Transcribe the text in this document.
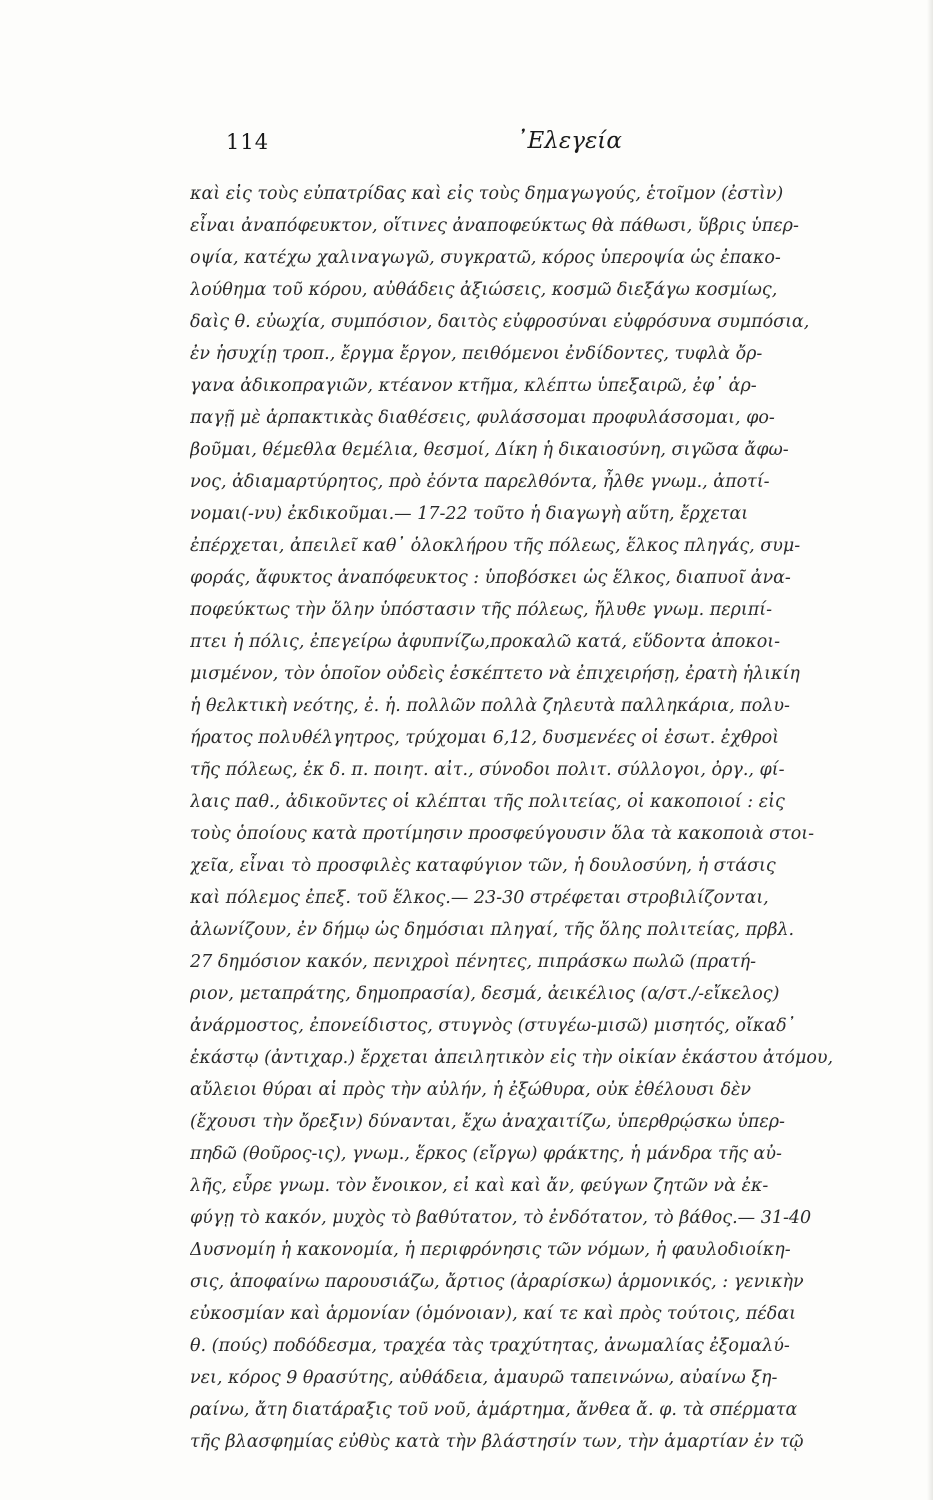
114	᾿Ελεγεία
καὶ εἰς τοὺς εὐπατρίδας καὶ εἰς τοὺς δημαγωγούς, ἑτοῖμον (ἐστὶν)
εἶναι ἀναπόφευκτον, οἵτινες ἀναποφεύκτως θὰ πάθωσι, ὕβρις ὑπερ-
οψία, κατέχω χαλιναγωγῶ, συγκρατῶ, κόρος ὑπεροψία ὡς ἐπακο-
λούθημα τοῦ κόρου, αὐθάδεις ἀξιώσεις, κοσμῶ διεξάγω κοσμίως,
δαὶς θ. εὐωχία, συμπόσιον, δαιτὸς εὐφροσύναι εὐφρόσυνα συμπόσια,
ἐν ἡσυχίῃ τροπ., ἔργμα ἔργον, πειθόμενοι ἐνδίδοντες, τυφλὰ ὄρ-
γανα ἀδικοπραγιῶν, κτέανον κτῆμα, κλέπτω ὑπεξαιρῶ, ἐφ᾿ ἁρ-
παγῇ μὲ ἁρπακτικὰς διαθέσεις, φυλάσσομαι προφυλάσσομαι, φο-
βοῦμαι, θέμεθλα θεμέλια, θεσμοί, Δίκη ἡ δικαιοσύνη, σιγῶσα ἄφω-
νος, ἀδιαμαρτύρητος, πρὸ ἐόντα παρελθόντα, ἦλθε γνωμ., ἀποτί-
νομαι(-νυ) ἐκδικοῦμαι.— 17-22 τοῦτο ἡ διαγωγὴ αὕτη, ἔρχεται
ἐπέρχεται, ἀπειλεῖ καθ᾿ ὁλοκλήρου τῆς πόλεως, ἕλκος πληγάς, συμ-
φοράς, ἄφυκτος ἀναπόφευκτος : ὑποβόσκει ὡς ἕλκος, διαπυοῖ ἀνα-
ποφεύκτως τὴν ὅλην ὑπόστασιν τῆς πόλεως, ἤλυθε γνωμ. περιπί-
πτει ἡ πόλις, ἐπεγείρω ἀφυπνίζω,προκαλῶ κατά, εὕδοντα ἀποκοι-
μισμένον, τὸν ὁποῖον οὐδεὶς ἐσκέπτετο νὰ ἐπιχειρήσῃ, ἐρατὴ ἡλικίη
ἡ θελκτικὴ νεότης, ἐ. ἡ. πολλῶν πολλὰ ζηλευτὰ παλληκάρια, πολυ-
ήρατος πολυθέλγητρος, τρύχομαι 6,12, δυσμενέες οἱ ἐσωτ. ἐχθροὶ
τῆς πόλεως, ἐκ δ. π. ποιητ. αἰτ., σύνοδοι πολιτ. σύλλογοι, ὀργ., φί-
λαις παθ., ἀδικοῦντες οἱ κλέπται τῆς πολιτείας, οἱ κακοποιοί : εἰς
τοὺς ὁποίους κατὰ προτίμησιν προσφεύγουσιν ὅλα τὰ κακοποιὰ στοι-
χεῖα, εἶναι τὸ προσφιλὲς καταφύγιον τῶν, ἡ δουλοσύνη, ἡ στάσις
καὶ πόλεμος ἐπεξ. τοῦ ἕλκος.— 23-30 στρέφεται στροβιλίζονται,
ἀλωνίζουν, ἐν δήμῳ ὡς δημόσιαι πληγαί, τῆς ὅλης πολιτείας, πρβλ.
27 δημόσιον κακόν, πενιχροὶ πένητες, πιπράσκω πωλῶ (πρατή-
ριον, μεταπράτης, δημοπρασία), δεσμά, ἀεικέλιος (α/στ./-εἴκελος)
ἀνάρμοστος, ἐπονείδιστος, στυγνὸς (στυγέω-μισῶ) μισητός, οἴκαδ᾿
ἑκάστῳ (ἀντιχαρ.) ἔρχεται ἀπειλητικὸν εἰς τὴν οἰκίαν ἑκάστου ἀτόμου,
αὔλειοι θύραι αἱ πρὸς τὴν αὐλήν, ἡ ἐξώθυρα, οὐκ ἐθέλουσι δὲν
(ἔχουσι τὴν ὄρεξιν) δύνανται, ἔχω ἀναχαιτίζω, ὑπερθρῴσκω ὑπερ-
πηδῶ (θοῦρος-ις), γνωμ., ἕρκος (εἴργω) φράκτης, ἡ μάνδρα τῆς αὐ-
λῆς, εὗρε γνωμ. τὸν ἔνοικον, εἰ καὶ καὶ ἄν, φεύγων ζητῶν νὰ ἐκ-
φύγῃ τὸ κακόν, μυχὸς τὸ βαθύτατον, τὸ ἐνδότατον, τὸ βάθος.— 31-40
Δυσνομίη ἡ κακονομία, ἡ περιφρόνησις τῶν νόμων, ἡ φαυλοδιοίκη-
σις, ἀποφαίνω παρουσιάζω, ἄρτιος (ἀραρίσκω) ἁρμονικός, : γενικὴν
εὐκοσμίαν καὶ ἁρμονίαν (ὁμόνοιαν), καί τε καὶ πρὸς τούτοις, πέδαι
θ. (πούς) ποδόδεσμα, τραχέα τὰς τραχύτητας, ἀνωμαλίας ἐξομαλύ-
νει, κόρος 9 θρασύτης, αὐθάδεια, ἀμαυρῶ ταπεινώνω, αὐαίνω ξη-
ραίνω, ἄτη διατάραξις τοῦ νοῦ, ἁμάρτημα, ἄνθεα ἄ. φ. τὰ σπέρματα
τῆς βλασφημίας εὐθὺς κατὰ τὴν βλάστησίν των, τὴν ἁμαρτίαν ἐν τῷ
